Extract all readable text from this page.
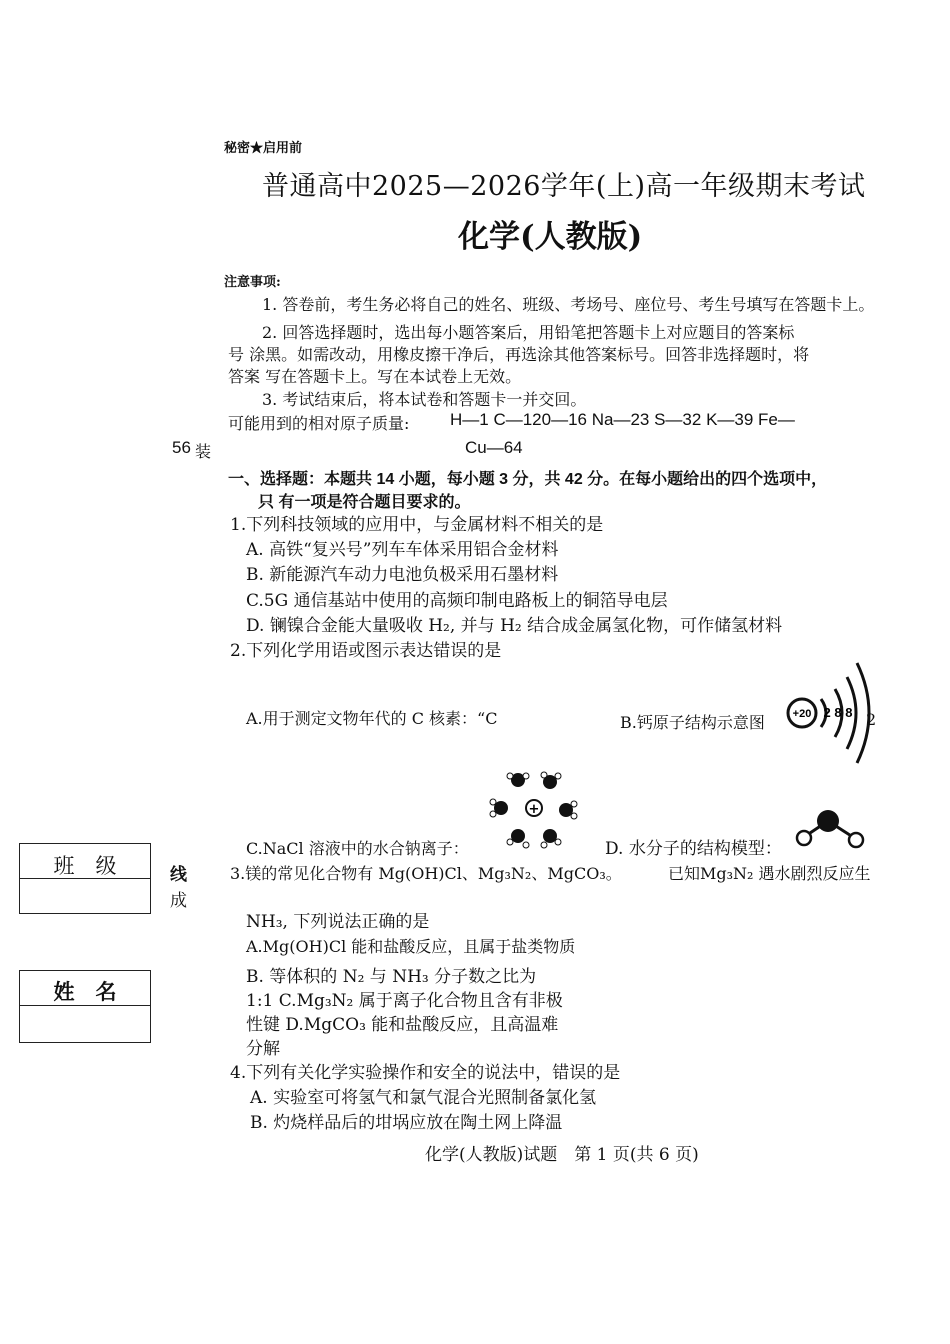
秘密★启用前
普通高中2025—2026学年(上)高一年级期末考试
化学(人教版)
注意事项:
1. 答卷前，考生务必将自己的姓名、班级、考场号、座位号、考生号填写在答题卡上。
2. 回答选择题时，选出每小题答案后，用铅笔把答题卡上对应题目的答案标
号 涂黑。如需改动，用橡皮擦干净后，再选涂其他答案标号。回答非选择题时，将
答案 写在答题卡上。写在本试卷上无效。
3. 考试结束后，将本试卷和答题卡一并交回。
可能用到的相对原子质量: H—1 C—120—16 Na—23 S—32 K—39 Fe—
56 装	Cu—64
一、选择题：本题共 14 小题，每小题 3 分，共 42 分。在每小题给出的四个选项中，
只 有一项是符合题目要求的。
1.下列科技领域的应用中，与金属材料不相关的是
A. 高铁“复兴号”列车车体采用铝合金材料
B. 新能源汽车动力电池负极采用石墨材料
C.5G 通信基站中使用的高频印制电路板上的铜箔导电层
D. 镧镍合金能大量吸收 H₂, 并与 H₂ 结合成金属氢化物，可作储氢材料
2.下列化学用语或图示表达错误的是
A.用于测定文物年代的 C 核素：“C	B.钙原子结构示意图	+20 2 8 8 2
+
C.NaCl 溶液中的水合钠离子：	D. 水分子的结构模型：
班　级
姓　名
线
成
3.镁的常见化合物有 Mg(OH)Cl、Mg₃N₂、MgCO₃。	已知Mg₃N₂ 遇水剧烈反应生
NH₃, 下列说法正确的是
A.Mg(OH)Cl 能和盐酸反应，且属于盐类物质
B. 等体积的 N₂ 与 NH₃ 分子数之比为
1:1 C.Mg₃N₂ 属于离子化合物且含有非极
性键 D.MgCO₃ 能和盐酸反应，且高温难
分解
4.下列有关化学实验操作和安全的说法中，错误的是
A. 实验室可将氢气和氯气混合光照制备氯化氢
B. 灼烧样品后的坩埚应放在陶土网上降温
化学(人教版)试题　第 1 页(共 6 页)
